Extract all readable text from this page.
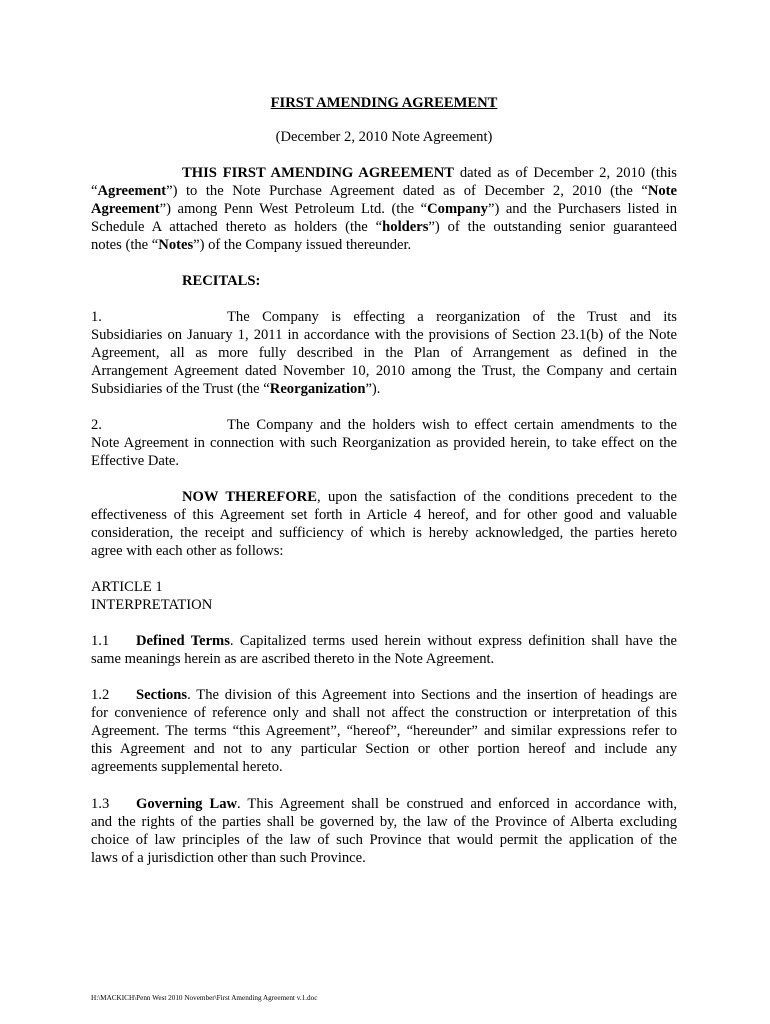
FIRST AMENDING AGREEMENT
(December 2, 2010 Note Agreement)
THIS FIRST AMENDING AGREEMENT dated as of December 2, 2010 (this
“Agreement”) to the Note Purchase Agreement dated as of December 2, 2010 (the “Note
Agreement”) among Penn West Petroleum Ltd. (the “Company”) and the Purchasers listed in
Schedule A attached thereto as holders (the “holders”) of the outstanding senior guaranteed
notes (the “Notes”) of the Company issued thereunder.
RECITALS:
1.	The Company is effecting a reorganization of the Trust and its
Subsidiaries on January 1, 2011 in accordance with the provisions of Section 23.1(b) of the Note
Agreement, all as more fully described in the Plan of Arrangement as defined in the
Arrangement Agreement dated November 10, 2010 among the Trust, the Company and certain
Subsidiaries of the Trust (the “Reorganization”).
2.	The Company and the holders wish to effect certain amendments to the
Note Agreement in connection with such Reorganization as provided herein, to take effect on the
Effective Date.
NOW THEREFORE, upon the satisfaction of the conditions precedent to the
effectiveness of this Agreement set forth in Article 4 hereof, and for other good and valuable
consideration, the receipt and sufficiency of which is hereby acknowledged, the parties hereto
agree with each other as follows:
ARTICLE 1
INTERPRETATION
1.1 Defined Terms. Capitalized terms used herein without express definition shall have the
same meanings herein as are ascribed thereto in the Note Agreement.
1.2 Sections. The division of this Agreement into Sections and the insertion of headings are
for convenience of reference only and shall not affect the construction or interpretation of this
Agreement. The terms “this Agreement”, “hereof”, “hereunder” and similar expressions refer to
this Agreement and not to any particular Section or other portion hereof and include any
agreements supplemental hereto.
1.3 Governing Law. This Agreement shall be construed and enforced in accordance with,
and the rights of the parties shall be governed by, the law of the Province of Alberta excluding
choice of law principles of the law of such Province that would permit the application of the
laws of a jurisdiction other than such Province.
H:\MACKICH\Penn West 2010 November\First Amending Agreement v.1.doc
